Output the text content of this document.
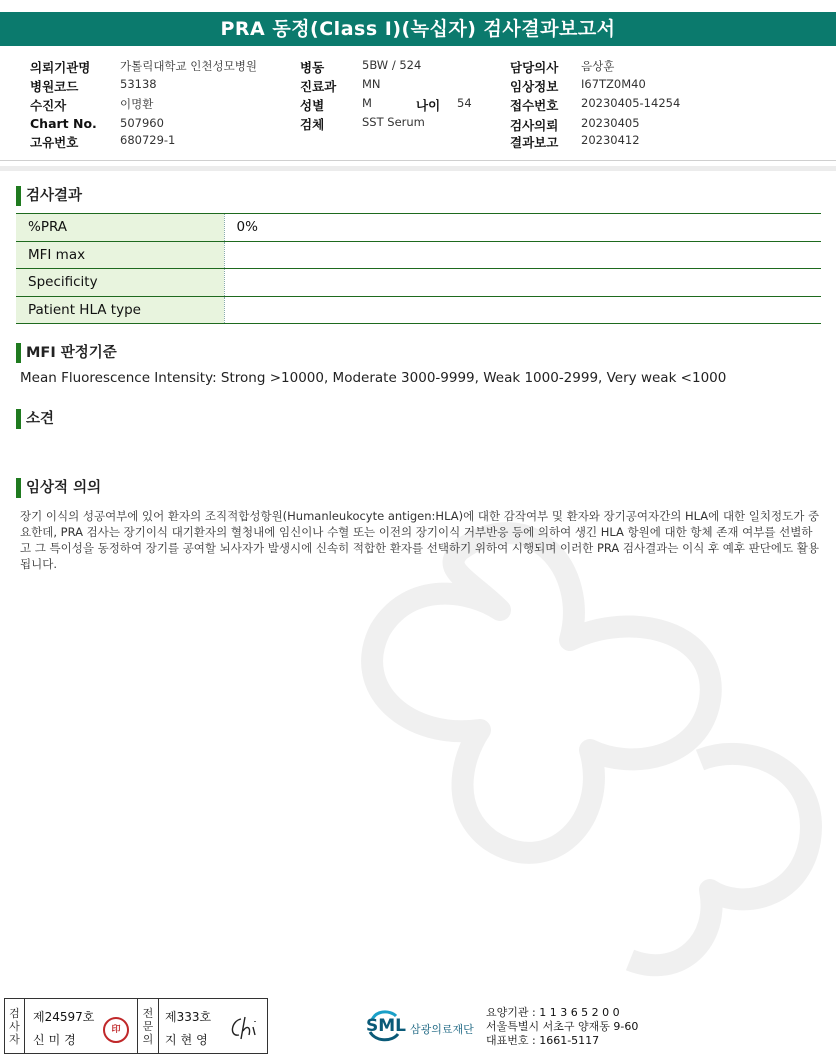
PRA 동정(Class I)(녹십자) 검사결과보고서
의뢰기관명	가톨릭대학교 인천성모병원
병원코드	53138
수진자	이명환
Chart No. 507960
고유번호	680729-1
병동	5BW / 524
진료과 MN
성별	M	나이 54
검체	SST Serum
담당의사 음상훈
임상정보 I67TZ0M40
접수번호 20230405-14254
검사의뢰 20230405
결과보고 20230412
검사결과
%PRA	0%
MFI max	
Specificity	
Patient HLA type	
MFI 판정기준
Mean Fluorescence Intensity: Strong >10000, Moderate 3000-9999, Weak 1000-2999, Very weak <1000
소견
임상적 의의
장기 이식의 성공여부에 있어 환자의 조직적합성항원(Humanleukocyte antigen:HLA)에 대한 감작여부 및 환자와 장기공여자간의 HLA에 대한 일치정도가 중요한데, PRA 검사는 장기이식 대기환자의 혈청내에 임신이나 수혈 또는 이전의 장기이식 거부반응 등에 의하여 생긴 HLA 항원에 대한 항체 존재 여부를 선별하고 그 특이성을 동정하여 장기를 공여할 뇌사자가 발생시에 신속히 적합한 환자를 선택하기 위하여 시행되며 이러한 PRA 검사결과는 이식 후 예후 판단에도 활용됩니다.
검사자
제24597호
신미경
印
전문의
제333호
지현영
SML 삼광의료재단
요양기관 : 1 1 3 6 5 2 0 0
서울특별시 서초구 양재동 9-60
대표번호 : 1661-5117
